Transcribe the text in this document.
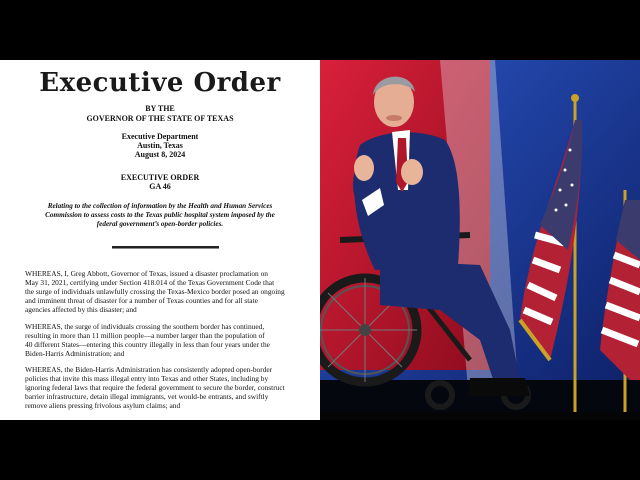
Executive Order
BY THE
GOVERNOR OF THE STATE OF TEXAS
Executive Department
Austin, Texas
August 8, 2024
EXECUTIVE ORDER
GA 46
Relating to the collection of information by the Health and Human Services
Commission to assess costs to the Texas public hospital system imposed by the
federal government’s open-border policies.
WHEREAS, I, Greg Abbott, Governor of Texas, issued a disaster proclamation on
May 31, 2021, certifying under Section 418.014 of the Texas Government Code that
the surge of individuals unlawfully crossing the Texas-Mexico border posed an ongoing
and imminent threat of disaster for a number of Texas counties and for all state
agencies affected by this disaster; and
WHEREAS, the surge of individuals crossing the southern border has continued,
resulting in more than 11 million people—a number larger than the population of
40 different States—entering this country illegally in less than four years under the
Biden-Harris Administration; and
WHEREAS, the Biden-Harris Administration has consistently adopted open-border
policies that invite this mass illegal entry into Texas and other States, including by
ignoring federal laws that require the federal government to secure the border, construct
barrier infrastructure, detain illegal immigrants, vet would-be entrants, and swiftly
remove aliens pressing frivolous asylum claims; and
